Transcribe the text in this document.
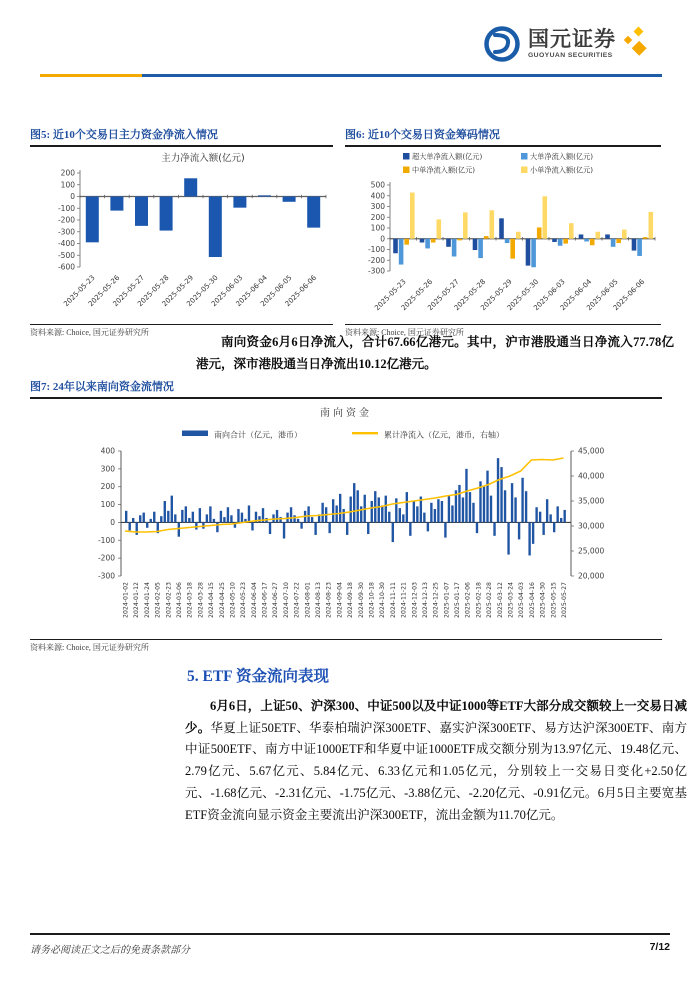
国元证券
GUOYUAN SECURITIES
图5: 近10个交易日主力资金净流入情况
主力净流入额(亿元)
200
100
0
-100
-200
-300
-400
-500
-600
2025-05-23
2025-05-26
2025-05-27
2025-05-28
2025-05-29
2025-05-30
2025-06-03
2025-06-04
2025-06-05
2025-06-06
资料来源: Choice, 国元证券研究所
图6: 近10个交易日资金筹码情况
超大单净流入额(亿元)	大单净流入额(亿元)
中单净流入额(亿元)	小单净流入额(亿元)
500
400
300
200
100
0
-100
-200
-300
2025-05-23
2025-05-26
2025-05-27
2025-05-28
2025-05-29
2025-05-30
2025-06-03
2025-06-04
2025-06-05
2025-06-06
资料来源: Choice, 国元证券研究所
南向资金6月6日净流入，合计67.66亿港元。其中，沪市港股通当日净流入77.78亿港元，深市港股通当日净流出10.12亿港元。
图7: 24年以来南向资金流情况
南向资金
南向合计（亿元，港币）	累计净流入（亿元，港币，右轴）
400
300
200
100
0
-100
-200
-300
45,000
40,000
35,000
30,000
25,000
20,000
2024-01-02 2024-01-12 2024-01-24 2024-02-05 2024-02-23 2024-03-06 2024-03-18 2024-03-28 2024-04-15 2024-04-25 2024-05-10 2024-05-23 2024-06-04 2024-06-17 2024-06-27 2024-07-10 2024-07-22 2024-08-01 2024-08-13 2024-08-23 2024-09-04 2024-09-18 2024-09-30 2024-10-18 2024-10-30 2024-11-11 2024-11-21 2024-12-03 2024-12-13 2024-12-25 2025-01-07 2025-01-17 2025-02-06 2025-02-18 2025-02-28 2025-03-12 2025-03-24 2025-04-03 2025-04-16 2025-04-30 2025-05-15 2025-05-27
资料来源: Choice, 国元证券研究所
5. ETF 资金流向表现
6月6日，上证50、沪深300、中证500以及中证1000等ETF大部分成交额较上一交易日减少。华夏上证50ETF、华泰柏瑞沪深300ETF、嘉实沪深300ETF、易方达沪深300ETF、南方中证500ETF、南方中证1000ETF和华夏中证1000ETF成交额分别为13.97亿元、19.48亿元、2.79亿元、5.67亿元、5.84亿元、6.33亿元和1.05亿元，分别较上一交易日变化+2.50亿元、-1.68亿元、-2.31亿元、-1.75亿元、-3.88亿元、-2.20亿元、-0.91亿元。6月5日主要宽基ETF资金流向显示资金主要流出沪深300ETF，流出金额为11.70亿元。
请务必阅读正文之后的免责条款部分	7/12
